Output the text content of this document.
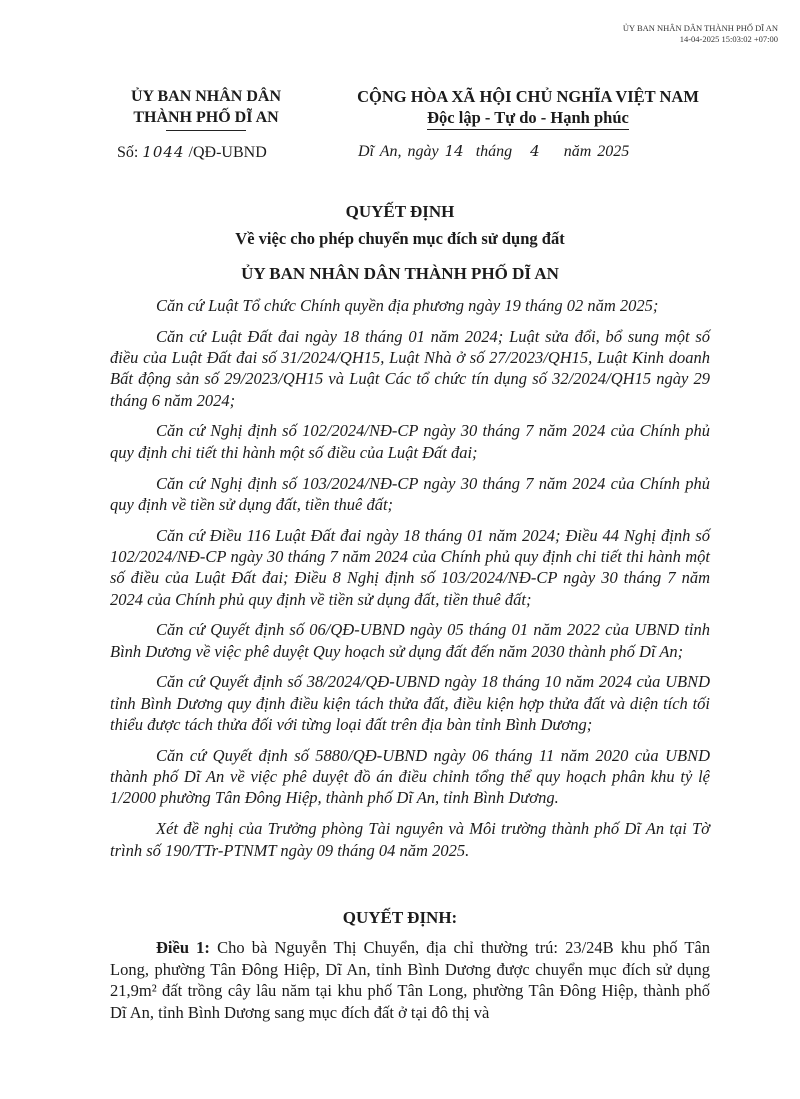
ỦY BAN NHÂN DÂN THÀNH PHỐ DĨ AN
14-04-2025 15:03:02 +07:00
ỦY BAN NHÂN DÂN
THÀNH PHỐ DĨ AN
CỘNG HÒA XÃ HỘI CHỦ NGHĨA VIỆT NAM
Độc lập - Tự do - Hạnh phúc
Số: 1044 /QĐ-UBND	Dĩ An, ngày 14 tháng 4 năm 2025
QUYẾT ĐỊNH
Về việc cho phép chuyển mục đích sử dụng đất
ỦY BAN NHÂN DÂN THÀNH PHỐ DĨ AN

Căn cứ Luật Tổ chức Chính quyền địa phương ngày 19 tháng 02 năm 2025;

Căn cứ Luật Đất đai ngày 18 tháng 01 năm 2024; Luật sửa đổi, bổ sung một số điều của Luật Đất đai số 31/2024/QH15, Luật Nhà ở số 27/2023/QH15, Luật Kinh doanh Bất động sản số 29/2023/QH15 và Luật Các tổ chức tín dụng số 32/2024/QH15 ngày 29 tháng 6 năm 2024;

Căn cứ Nghị định số 102/2024/NĐ-CP ngày 30 tháng 7 năm 2024 của Chính phủ quy định chi tiết thi hành một số điều của Luật Đất đai;

Căn cứ Nghị định số 103/2024/NĐ-CP ngày 30 tháng 7 năm 2024 của Chính phủ quy định về tiền sử dụng đất, tiền thuê đất;

Căn cứ Điều 116 Luật Đất đai ngày 18 tháng 01 năm 2024; Điều 44 Nghị định số 102/2024/NĐ-CP ngày 30 tháng 7 năm 2024 của Chính phủ quy định chi tiết thi hành một số điều của Luật Đất đai; Điều 8 Nghị định số 103/2024/NĐ-CP ngày 30 tháng 7 năm 2024 của Chính phủ quy định về tiền sử dụng đất, tiền thuê đất;

Căn cứ Quyết định số 06/QĐ-UBND ngày 05 tháng 01 năm 2022 của UBND tỉnh Bình Dương về việc phê duyệt Quy hoạch sử dụng đất đến năm 2030 thành phố Dĩ An;

Căn cứ Quyết định số 38/2024/QĐ-UBND ngày 18 tháng 10 năm 2024 của UBND tỉnh Bình Dương quy định điều kiện tách thửa đất, điều kiện hợp thửa đất và diện tích tối thiểu được tách thửa đối với từng loại đất trên địa bàn tỉnh Bình Dương;

Căn cứ Quyết định số 5880/QĐ-UBND ngày 06 tháng 11 năm 2020 của UBND thành phố Dĩ An về việc phê duyệt đồ án điều chỉnh tổng thể quy hoạch phân khu tỷ lệ 1/2000 phường Tân Đông Hiệp, thành phố Dĩ An, tỉnh Bình Dương.

Xét đề nghị của Trưởng phòng Tài nguyên và Môi trường thành phố Dĩ An tại Tờ trình số 190/TTr-PTNMT ngày 09 tháng 04 năm 2025.

QUYẾT ĐỊNH:

Điều 1: Cho bà Nguyễn Thị Chuyển, địa chỉ thường trú: 23/24B khu phố Tân Long, phường Tân Đông Hiệp, Dĩ An, tỉnh Bình Dương được chuyển mục đích sử dụng 21,9m² đất trồng cây lâu năm tại khu phố Tân Long, phường Tân Đông Hiệp, thành phố Dĩ An, tỉnh Bình Dương sang mục đích đất ở tại đô thị và
